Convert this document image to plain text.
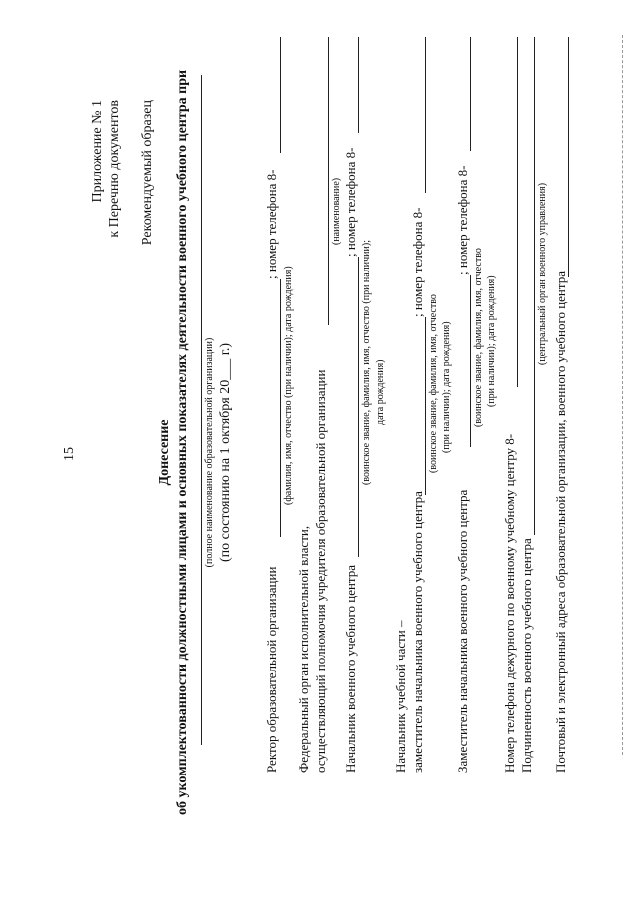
15
Приложение № 1 к Перечню документов Рекомендуемый образец
Донесение об укомплектованности должностными лицами и основных показателях деятельности военного учебного центра при (полное наименование образовательной организации) (по состоянию на 1 октября 20___ г.)
Ректор образовательной организации
; номер телефона 8-
(фамилия, имя, отчество (при наличии); дата рождения)
Федеральный орган исполнительной власти, осуществляющий полномочия учредителя образовательной организации
(наименование)
Начальник военного учебного центра
; номер телефона 8-
(воинское звание, фамилия, имя, отчество (при наличии); дата рождения)
Начальник учебной части – заместитель начальника военного учебного центра
; номер телефона 8-
(воинское звание, фамилия, имя, отчество (при наличии); дата рождения)
Заместитель начальника военного учебного центра
; номер телефона 8-
(воинское звание, фамилия, имя, отчество (при наличии); дата рождения)
Номер телефона дежурного по военному учебному центру 8- Подчиненность военного учебного центра
(центральный орган военного управления) Почтовый и электронный адреса образовательной организации, военного учебного центра
